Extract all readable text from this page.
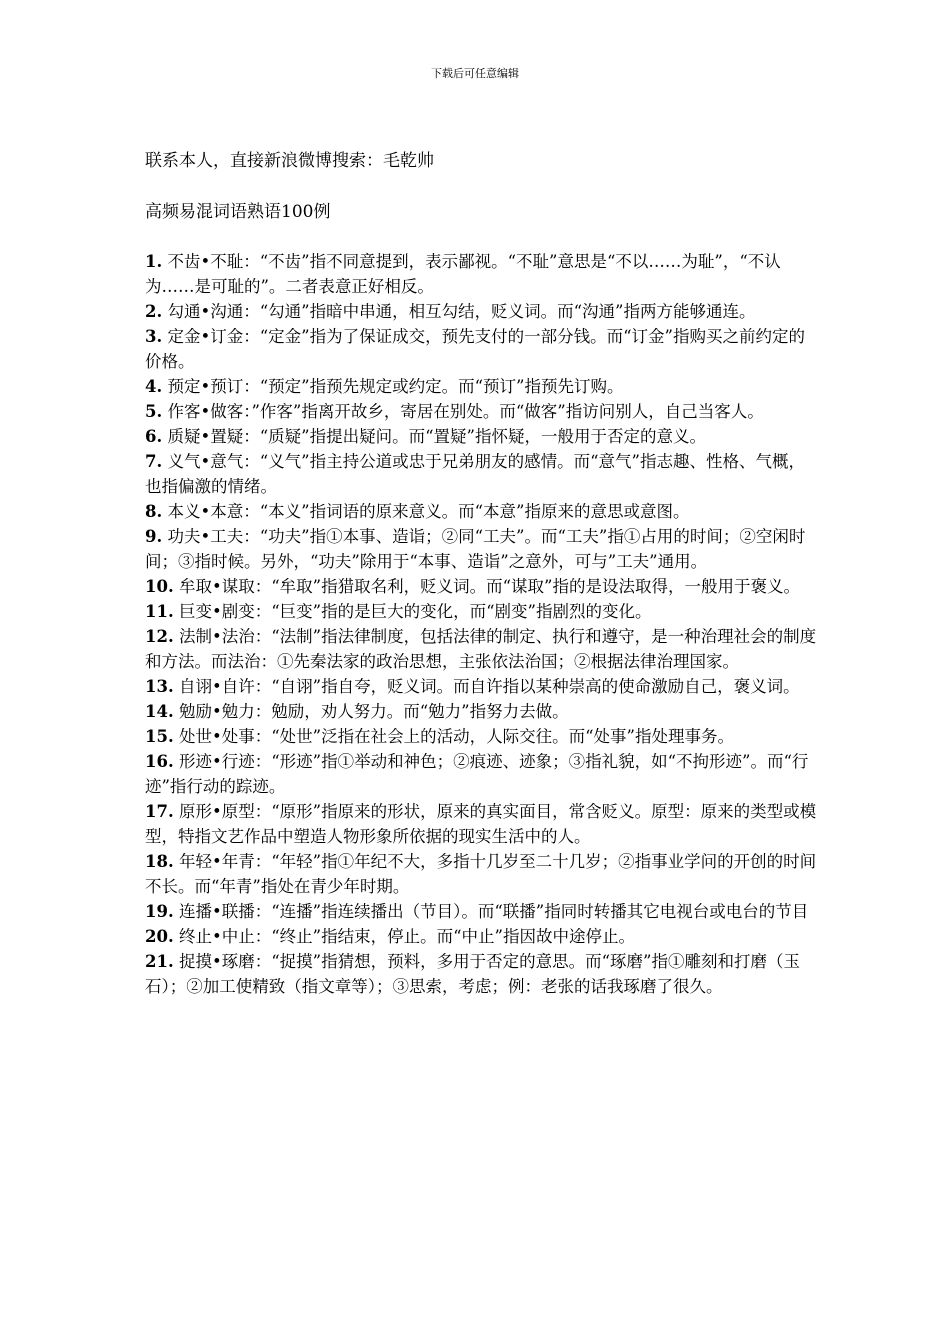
下载后可任意编辑
联系本人，直接新浪微博搜索：毛乾帅
高频易混词语熟语100例

1. 不齿•不耻：“不齿”指不同意提到，表示鄙视。“不耻”意思是“不以……为耻”，“不认为……是可耻的”。二者表意正好相反。

2. 勾通•沟通：“勾通”指暗中串通，相互勾结，贬义词。而“沟通”指两方能够通连。

3. 定金•订金：“定金”指为了保证成交，预先支付的一部分钱。而“订金”指购买之前约定的价格。

4. 预定•预订：“预定”指预先规定或约定。而“预订”指预先订购。

5. 作客•做客：”作客”指离开故乡，寄居在别处。而“做客”指访问别人，自己当客人。

6. 质疑•置疑：“质疑”指提出疑问。而“置疑”指怀疑，一般用于否定的意义。

7. 义气•意气：“义气”指主持公道或忠于兄弟朋友的感情。而“意气”指志趣、性格、气概，也指偏激的情绪。

8. 本义•本意：“本义”指词语的原来意义。而“本意”指原来的意思或意图。

9. 功夫•工夫：“功夫”指①本事、造诣；②同“工夫”。而“工夫”指①占用的时间；②空闲时间；③指时候。另外，“功夫”除用于“本事、造诣”之意外，可与”工夫”通用。

10. 牟取•谋取：“牟取”指猎取名利，贬义词。而“谋取”指的是设法取得，一般用于褒义。

11. 巨变•剧变：“巨变”指的是巨大的变化，而“剧变”指剧烈的变化。

12. 法制•法治：“法制”指法律制度，包括法律的制定、执行和遵守，是一种治理社会的制度和方法。而法治：①先秦法家的政治思想，主张依法治国；②根据法律治理国家。

13. 自诩•自许：“自诩”指自夸，贬义词。而自许指以某种崇高的使命激励自己，褒义词。

14. 勉励•勉力：勉励，劝人努力。而“勉力”指努力去做。

15. 处世•处事：“处世”泛指在社会上的活动，人际交往。而“处事”指处理事务。

16. 形迹•行迹：“形迹”指①举动和神色；②痕迹、迹象；③指礼貌，如“不拘形迹”。而“行迹”指行动的踪迹。

17. 原形•原型：“原形”指原来的形状，原来的真实面目，常含贬义。原型：原来的类型或模型，特指文艺作品中塑造人物形象所依据的现实生活中的人。

18. 年轻•年青：“年轻”指①年纪不大，多指十几岁至二十几岁；②指事业学问的开创的时间不长。而“年青”指处在青少年时期。

19. 连播•联播：“连播”指连续播出（节目）。而“联播”指同时转播其它电视台或电台的节目

20. 终止•中止：“终止”指结束，停止。而“中止”指因故中途停止。

21. 捉摸•琢磨：“捉摸”指猜想，预料，多用于否定的意思。而“琢磨”指①雕刻和打磨（玉石）；②加工使精致（指文章等）；③思索，考虑；例：老张的话我琢磨了很久。
